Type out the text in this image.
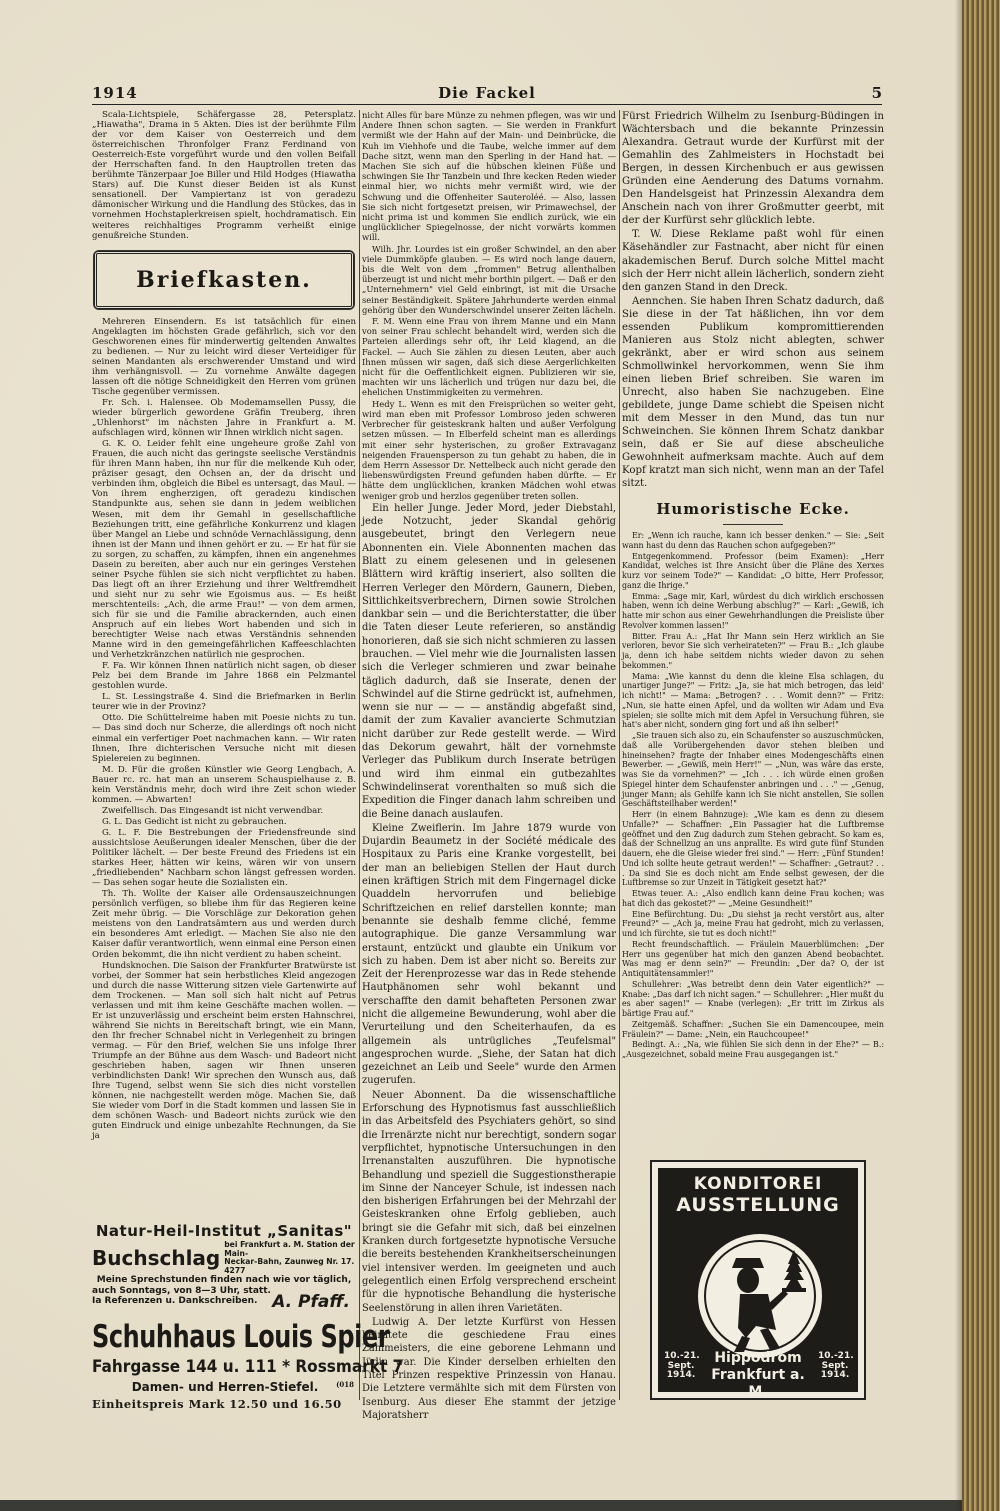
1914	Die Fackel	5

Scala-Lichtspiele, Schäfergasse 28, Petersplatz. „Hiawatha", Drama in 5 Akten. Dies ist der berühmte Film der vor dem Kaiser von Oesterreich und dem österreichischen Thronfolger Franz Ferdinand von Oesterreich-Este vorgeführt wurde und den vollen Beifall der Herrschaften fand. In den Hauptrollen treten das berühmte Tänzerpaar Joe Biller und Hild Hodges (Hiawatha Stars) auf. Die Kunst dieser Beiden ist als Kunst sensationell. Der Vampiertanz ist von geradezu dämonischer Wirkung und die Handlung des Stückes, das in vornehmen Hochstaplerkreisen spielt, hochdramatisch. Ein weiteres reichhaltiges Programm verheißt einige genußreiche Stunden.

Briefkasten.

Mehreren Einsendern. Es ist tatsächlich für einen Angeklagten im höchsten Grade gefährlich, sich vor den Geschworenen eines für minderwertig geltenden Anwaltes zu bedienen. — Nur zu leicht wird dieser Verteidiger für seinen Mandanten als erschwerender Umstand und wird ihm verhängnisvoll. — Zu vornehme Anwälte dagegen lassen oft die nötige Schneidigkeit den Herren vom grünen Tische gegenüber vermissen.

Fr. Sch. i. Halensee. Ob Modemamsellen Pussy, die wieder bürgerlich gewordene Gräfin Treuberg, ihren „Uhlenhorst" im nächsten Jahre in Frankfurt a. M. aufschlagen wird, können wir Ihnen wirklich nicht sagen.

G. K. O. Leider fehlt eine ungeheure große Zahl von Frauen, die auch nicht das geringste seelische Verständnis für ihren Mann haben, ihn nur für die melkende Kuh oder, präziser gesagt, den Ochsen an, der da drischt und verbinden ihm, obgleich die Bibel es untersagt, das Maul. — Von ihrem engherzigen, oft geradezu kindischen Standpunkte aus, sehen sie dann in jedem weiblichen Wesen, mit dem ihr Gemahl in gesellschaftliche Beziehungen tritt, eine gefährliche Konkurrenz und klagen über Mangel an Liebe und schnöde Vernachlässigung, denn ihnen ist der Mann und ihnen gehört er zu. — Er hat für sie zu sorgen, zu schaffen, zu kämpfen, ihnen ein angenehmes Dasein zu bereiten, aber auch nur ein geringes Verstehen seiner Psyche fühlen sie sich nicht verpflichtet zu haben. Das liegt oft an ihrer Erziehung und ihrer Weltfremdheit und sieht nur zu sehr wie Egoismus aus. — Es heißt merschtenteils: „Ach, die arme Frau!" — von dem armen, sich für sie und die Familie abrackernden, auch einen Anspruch auf ein liebes Wort habenden und sich in berechtigter Weise nach etwas Verständnis sehnenden Manne wird in den gemeingefährlichen Kaffeeschlachten und Verhetzkränzchen natürlich nie gesprochen.

F. Fa. Wir können Ihnen natürlich nicht sagen, ob dieser Pelz bei dem Brande im Jahre 1868 ein Pelzmantel gestohlen wurde.

L. St. Lessingstraße 4. Sind die Briefmarken in Berlin teurer wie in der Provinz?

Otto. Die Schüttelreime haben mit Poesie nichts zu tun. — Das sind doch nur Scherze, die allerdings oft noch nicht einmal ein verfertiger Poet nachmachen kann. — Wir raten Ihnen, Ihre dichterischen Versuche nicht mit diesen Spielereien zu beginnen.

M. D. Für die großen Künstler wie Georg Lengbach, A. Bauer rc. rc. hat man an unserem Schauspielhause z. B. kein Verständnis mehr, doch wird ihre Zeit schon wieder kommen. — Abwarten!

Zweifellisch. Das Eingesandt ist nicht verwendbar.

G. L. Das Gedicht ist nicht zu gebrauchen.

G. L. F. Die Bestrebungen der Friedensfreunde sind aussichtslose Aeußerungen idealer Menschen, über die der Politiker lächelt. — Der beste Freund des Friedens ist ein starkes Heer, hätten wir keins, wären wir von unsern „friedliebenden" Nachbarn schon längst gefressen worden. — Das sehen sogar heute die Sozialisten ein.

Th. Th. Wollte der Kaiser alle Ordensauszeichnungen persönlich verfügen, so bliebe ihm für das Regieren keine Zeit mehr übrig. — Die Vorschläge zur Dekoration gehen meistens von den Landratsämtern aus und werden durch ein besonderes Amt erledigt. — Machen Sie also nie den Kaiser dafür verantwortlich, wenn einmal eine Person einen Orden bekommt, die ihn nicht verdient zu haben scheint.

Hundsknochen. Die Saison der Frankfurter Bratwürste ist vorbei, der Sommer hat sein herbstliches Kleid angezogen und durch die nasse Witterung sitzen viele Gartenwirte auf dem Trockenen. — Man soll sich halt nicht auf Petrus verlassen und mit ihm keine Geschäfte machen wollen. — Er ist unzuverlässig und erscheint beim ersten Hahnschrei, während Sie nichts in Bereitschaft bringt, wie ein Mann, den Ihr frecher Schnabel nicht in Verlegenheit zu bringen vermag. — Für den Brief, welchen Sie uns infolge Ihrer Triumpfe an der Bühne aus dem Wasch- und Badeort nicht geschrieben haben, sagen wir Ihnen unseren verbindlichsten Dank! Wir sprechen den Wunsch aus, daß Ihre Tugend, selbst wenn Sie sich dies nicht vorstellen können, nie nachgestellt werden möge. Machen Sie, daß Sie wieder vom Dorf in die Stadt kommen und lassen Sie in dem schönen Wasch- und Badeort nichts zurück wie den guten Eindruck und einige unbezahlte Rechnungen, da Sie ja

Natur-Heil-Institut „Sanitas"
Buchschlag
bei Frankfurt a. M. Station der Main-
Neckar-Bahn, Zaunweg Nr. 17. 4277
Meine Sprechstunden finden nach wie vor täglich,
auch Sonntags, von 8—3 Uhr, statt.
Ia Referenzen u. Dankschreiben. A. Pfaff.
Schuhhaus Louis Spier
Fahrgasse 144 u. 111 * Rossmarkt 7
Damen- und Herren-Stiefel.	(018
Einheitspreis Mark 12.50 und 16.50

nicht Alles für bare Münze zu nehmen pflegen, was wir und Andere Ihnen schon sagten. — Sie werden in Frankfurt vermißt wie der Hahn auf der Main- und Deinbrücke, die Kuh im Viehhofe und die Taube, welche immer auf dem Dache sitzt, wenn man den Sperling in der Hand hat. — Machen Sie sich auf die hübschen kleinen Füße und schwingen Sie Ihr Tanzbein und Ihre kecken Reden wieder einmal hier, wo nichts mehr vermißt wird, wie der Schwung und die Offenheiter Sauteroléé. — Also, lassen Sie sich nicht fortgesetzt preisen, wir Primawechsel, der nicht prima ist und kommen Sie endlich zurück, wie ein unglücklicher Spiegelnosse, der nicht vorwärts kommen will.

Wilh. Jhr. Lourdes ist ein großer Schwindel, an den aber viele Dummköpfe glauben. — Es wird noch lange dauern, bis die Welt von dem „frommen" Betrug allenthalben überzeugt ist und nicht mehr borthin pilgert. — Daß er den „Unternehmern" viel Geld einbringt, ist mit die Ursache seiner Beständigkeit. Spätere Jahrhunderte werden einmal gehörig über den Wunderschwindel unserer Zeiten lächeln.

F. M. Wenn eine Frau von ihrem Manne und ein Mann von seiner Frau schlecht behandelt wird, werden sich die Parteien allerdings sehr oft, ihr Leid klagend, an die Fackel. — Auch Sie zählen zu diesen Leuten, aber auch Ihnen müssen wir sagen, daß sich diese Aergerlichkeiten nicht für die Oeffentlichkeit eignen. Publizieren wir sie, machten wir uns lächerlich und trügen nur dazu bei, die ehelichen Unstimmigkeiten zu vermehren.

Hedy L. Wenn es mit den Freisprüchen so weiter geht, wird man eben mit Professor Lombroso jeden schweren Verbrecher für geisteskrank halten und außer Verfolgung setzen müssen. — In Elberfeld scheint man es allerdings mit einer sehr hysterischen, zu großer Extravaganz neigenden Frauensperson zu tun gehabt zu haben, die in dem Herrn Assessor Dr. Nettelbeck auch nicht gerade den liebenswürdigsten Freund gefunden haben dürfte. — Er hätte dem unglücklichen, kranken Mädchen wohl etwas weniger grob und herzlos gegenüber treten sollen.

Ein heller Junge. Jeder Mord, jeder Diebstahl, jede Notzucht, jeder Skandal gehörig ausgebeutet, bringt den Verlegern neue Abonnenten ein. Viele Abonnenten machen das Blatt zu einem gelesenen und in gelesenen Blättern wird kräftig inseriert, also sollten die Herren Verleger den Mördern, Gaunern, Dieben, Sittlichkeitsverbrechern, Dirnen sowie Strolchen dankbar sein — und die Berichterstatter, die über die Taten dieser Leute referieren, so anständig honorieren, daß sie sich nicht schmieren zu lassen brauchen. — Viel mehr wie die Journalisten lassen sich die Verleger schmieren und zwar beinahe täglich dadurch, daß sie Inserate, denen der Schwindel auf die Stirne gedrückt ist, aufnehmen, wenn sie nur — — — anständig abgefaßt sind, damit der zum Kavalier avancierte Schmutzian nicht darüber zur Rede gestellt werde. — Wird das Dekorum gewahrt, hält der vornehmste Verleger das Publikum durch Inserate betrügen und wird ihm einmal ein gutbezahltes Schwindelinserat vorenthalten so muß sich die Expedition die Finger danach lahm schreiben und die Beine danach auslaufen.

Kleine Zweiflerin. Im Jahre 1879 wurde von Dujardin Beaumetz in der Société médicale des Hospitaux zu Paris eine Kranke vorgestellt, bei der man an beliebigen Stellen der Haut durch einen kräftigen Strich mit dem Fingernagel dicke Quaddeln hervorrufen und beliebige Schriftzeichen en relief darstellen konnte; man benannte sie deshalb femme cliché, femme autographique. Die ganze Versammlung war erstaunt, entzückt und glaubte ein Unikum vor sich zu haben. Dem ist aber nicht so. Bereits zur Zeit der Herenprozesse war das in Rede stehende Hautphänomen sehr wohl bekannt und verschaffte den damit behafteten Personen zwar nicht die allgemeine Bewunderung, wohl aber die Verurteilung und den Scheiterhaufen, da es allgemein als untrügliches „Teufelsmal" angesprochen wurde. „Siehe, der Satan hat dich gezeichnet an Leib und Seele" wurde den Armen zugerufen.

Neuer Abonnent. Da die wissenschaftliche Erforschung des Hypnotismus fast ausschließlich in das Arbeitsfeld des Psychiaters gehört, so sind die Irrenärzte nicht nur berechtigt, sondern sogar verpflichtet, hypnotische Untersuchungen in den Irrenanstalten auszuführen. Die hypnotische Behandlung und speziell die Suggestionstherapie im Sinne der Nanceyer Schule, ist indessen nach den bisherigen Erfahrungen bei der Mehrzahl der Geisteskranken ohne Erfolg geblieben, auch bringt sie die Gefahr mit sich, daß bei einzelnen Kranken durch fortgesetzte hypnotische Versuche die bereits bestehenden Krankheitserscheinungen viel intensiver werden. Im geeigneten und auch gelegentlich einen Erfolg versprechend erscheint für die hypnotische Behandlung die hysterische Seelenstörung in allen ihren Varietäten.

Ludwig A. Der letzte Kurfürst von Hessen heiratete die geschiedene Frau eines Zahlmeisters, die eine geborene Lehmann und Jüdin war. Die Kinder derselben erhielten den Titel Prinzen respektive Prinzessin von Hanau. Die Letztere vermählte sich mit dem Fürsten von Isenburg. Aus dieser Ehe stammt der jetzige Majoratsherr

Fürst Friedrich Wilhelm zu Isenburg-Büdingen in Wächtersbach und die bekannte Prinzessin Alexandra. Getraut wurde der Kurfürst mit der Gemahlin des Zahlmeisters in Hochstadt bei Bergen, in dessen Kirchenbuch er aus gewissen Gründen eine Aenderung des Datums vornahm. Den Handelsgeist hat Prinzessin Alexandra dem Anschein nach von ihrer Großmutter geerbt, mit der der Kurfürst sehr glücklich lebte.

T. W. Diese Reklame paßt wohl für einen Käsehändler zur Fastnacht, aber nicht für einen akademischen Beruf. Durch solche Mittel macht sich der Herr nicht allein lächerlich, sondern zieht den ganzen Stand in den Dreck.

Aennchen. Sie haben Ihren Schatz dadurch, daß Sie diese in der Tat häßlichen, ihn vor dem essenden Publikum kompromittierenden Manieren aus Stolz nicht ablegten, schwer gekränkt, aber er wird schon aus seinem Schmollwinkel hervorkommen, wenn Sie ihm einen lieben Brief schreiben. Sie waren im Unrecht, also haben Sie nachzugeben. Eine gebildete, junge Dame schiebt die Speisen nicht mit dem Messer in den Mund, das tun nur Schweinchen. Sie können Ihrem Schatz dankbar sein, daß er Sie auf diese abscheuliche Gewohnheit aufmerksam machte. Auch auf dem Kopf kratzt man sich nicht, wenn man an der Tafel sitzt.

Humoristische Ecke.

Er: „Wenn ich rauche, kann ich besser denken." — Sie: „Seit wann hast du denn das Rauchen schon aufgegeben?"

Entgegenkommend. Professor (beim Examen): „Herr Kandidat, welches ist Ihre Ansicht über die Pläne des Xerxes kurz vor seinem Tode?" — Kandidat: „O bitte, Herr Professor, ganz die Ihrige."

Emma: „Sage mir, Karl, würdest du dich wirklich erschossen haben, wenn ich deine Werbung abschlug?" — Karl: „Gewiß, ich hatte mir schon aus einer Gewehrhandlungen die Preisliste über Revolver kommen lassen!"

Bitter. Frau A.: „Hat Ihr Mann sein Herz wirklich an Sie verloren, bevor Sie sich verheirateten?" — Frau B.: „Ich glaube ja, denn ich habe seitdem nichts wieder davon zu sehen bekommen."

Mama: „Wie kannst du denn die kleine Elsa schlagen, du unartiger Junge?" — Fritz: „Ja, sie hat mich betrogen, das leid' ich nicht!" — Mama: „Betrogen? . . . Womit denn?" — Fritz: „Nun, sie hatte einen Apfel, und da wollten wir Adam und Eva spielen; sie sollte mich mit dem Apfel in Versuchung führen, sie hat's aber nicht, sondern ging fort und aß ihn selber!"

„Sie trauen sich also zu, ein Schaufenster so auszuschmücken, daß alle Vorübergehenden davor stehen bleiben und hineinsehen? fragte der Inhaber eines Modengeschäfts einen Bewerber. — „Gewiß, mein Herr!" — „Nun, was wäre das erste, was Sie da vornehmen?" — „Ich . . . ich würde einen großen Spiegel hinter dem Schaufenster anbringen und . . ." — „Genug, junger Mann; als Gehilfe kann ich Sie nicht anstellen, Sie sollen Geschäftsteilhaber werden!"

Herr (in einem Bahnzuge): „Wie kam es denn zu diesem Unfalle?" — Schaffner: „Ein Passagier hat die Luftbremse geöffnet und den Zug dadurch zum Stehen gebracht. So kam es, daß der Schnellzug an uns anprallte. Es wird gute fünf Stunden dauern, ehe die Gleise wieder frei sind." — Herr: „Fünf Stunden! Und ich sollte heute getraut werden!" — Schaffner: „Getraut? . . . Da sind Sie es doch nicht am Ende selbst gewesen, der die Luftbremse so zur Unzeit in Tätigkeit gesetzt hat?"

Etwas teuer. A.: „Also endlich kann deine Frau kochen; was hat dich das gekostet?" — „Meine Gesundheit!"

Eine Befürchtung. Du: „Du siehst ja recht verstört aus, alter Freund?" — „Ach ja, meine Frau hat gedroht, mich zu verlassen, und ich fürchte, sie tut es doch nicht!"

Recht freundschaftlich. — Fräulein Mauerblümchen: „Der Herr uns gegenüber hat mich den ganzen Abend beobachtet. Was mag er denn sein?" — Freundin: „Der da? O, der ist Antiquitätensammler!"

Schullehrer: „Was betreibt denn dein Vater eigentlich?" — Knabe: „Das darf ich nicht sagen." — Schullehrer: „Hier mußt du es aber sagen!" — Knabe (verlegen): „Er tritt im Zirkus als bärtige Frau auf."

Zeitgemäß. Schaffner: „Suchen Sie ein Damencoupee, mein Fräulein?" — Dame: „Nein, ein Rauchcoupee!"

Bedingt. A.: „Na, wie fühlen Sie sich denn in der Ehe?" — B.: „Ausgezeichnet, sobald meine Frau ausgegangen ist."

KONDITOREI
AUSSTELLUNG
10.-21. Sept. 1914.
Hippodrom
Frankfurt a. M.
10.-21. Sept. 1914.
